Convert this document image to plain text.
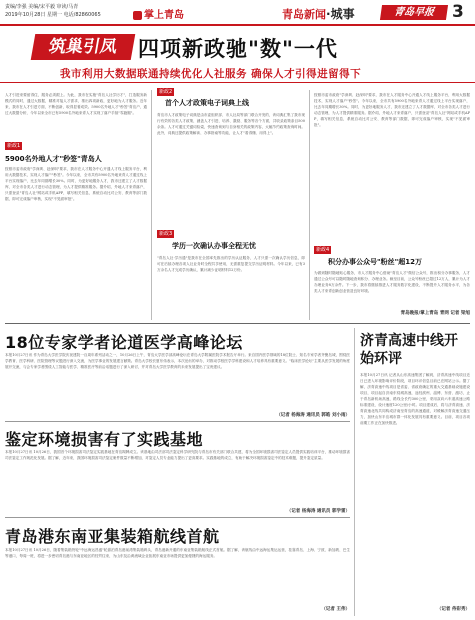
责编/李强 美编/宋平毅 审读/马青
2019年10月28日 星期一 电话/82860065	掌上青岛	青岛新闻·城事	青岛早报	3
筑巢引凤 四项新政驰"数"一代
我市利用大数据联通持续优化人社服务 确保人才引得进留得下
人才引进来要留得住，服务必须跟上。为此，我市在实施"青岛人社学历才"，打造服务新模式的同时，通过大数据，精准对接人才需求，推出四项新政，更好地为人才服务。近年来，我市在人才引进方面，不断创新，取得显著成效。5900名外地人才"秒签"青岛户，通过大数据分析，今年以来全市已有5900名外地来青人才实现了落户手续"零跑腿"。
新政1
5900名外地人才"秒签"青岛人
按照市委市政府"学深圳、赶深圳"要求，我市在人才服务中心开通人才线上服务平台，利用大数据技术，实现人才落户"秒签"。今年以来，全市共有5900名外地来青人才通过线上平台实现落户，比去年同期增长30%。同时，为更好地服务人才，我市还建立了人才数据库，对全市各类人才进行动态管理，为人才提供精准服务。据介绍，外地人才来青落户，只需登录"青岛人社"网站或手机APP，填写相关信息，系统自动比对公安、教育等部门数据，即可完成落户审核，实现"不见面审批"。
新政2
首个人才政策电子词典上线
青岛市人才政策电子词典是由市委组织部、市人社局等部门联合开发的，该词典汇集了我市现行有效的各类人才政策，涵盖人才引进、培养、激励、服务等各个方面，共收录政策条目500余条。人才可通过关键词检索，快速查询到与自身相关的政策内容，大幅节约政策查询时间。此外，词典还提供政策解读、办事指南等功能，让人才"看得懂、用得上"。
新政3
学历一次确认办事全程无忧
"青岛人社·学历通"是我市在全国率先推出的学历认证服务，人才只需一次确认学历信息，即可在后续办理各项人社业务时全程共享使用，无需重复提交学历证明材料。今年以来，已有3万余名人才完成学历确认，累计减少证明材料12万份。
按照市委市政府"学深圳、赶深圳"要求，我市在人才服务中心开通人才线上服务平台，利用大数据技术，实现人才落户"秒签"。今年以来，全市共有5900名外地来青人才通过线上平台实现落户，比去年同期增长30%。同时，为更好地服务人才，我市还建立了人才数据库，对全市各类人才进行动态管理，为人才提供精准服务。据介绍，外地人才来青落户，只需登录"青岛人社"网站或手机APP，填写相关信息，系统自动比对公安、教育等部门数据，即可完成落户审核，实现"不见面审批"。
新政4
积分办事公众号"粉丝"超12万
为做到随时随地贴心服务，市人才服务中心借助"青岛人才"微信公众号，推出积分办事服务，人才通过公众号可以随时随地查询积分、办理业务。截至目前，公众号粉丝已超过12万人，累计为人才办理业务8万余件。下一步，我市将继续推进人才服务数字化建设，不断提升人才服务水平，为各类人才来青创新创业营造良好环境。
青岛晚报/掌上青岛 青网 记者 梁旭
18位专家学者论道医学高峰论坛
本报10月27日讯 作为青岛大学医学院庆祝建院一百周年系列活动之一，10月26日上午，青岛大学医学部高峰论坛在青岛大学附属医院学术报告厅举行。来自国内医学领域的18位院士、知名专家学者齐聚岛城，围绕医学教育、医学科研、医院管理等议题进行深入交流，为医学事业的发展建言献策。青岛大学校长夏东伟表示，本次论坛的举办，对推动学校医学学科建设和人才培养具有重要意义。"临床医学论坛"主要从医学发展的角度展开交流，与会专家学者围绕人工智能与医学、精准医疗等前沿话题进行了深入研讨，并对青岛大学医学教育的未来发展提出了宝贵建议。
（记者 杨海涛 通讯员 郭皓 刘小雨）
鉴定环境损害有了实践基地
本报10月27日讯 10月26日，我国首个环境损害司法鉴定实践基地在青岛揭牌成立。该基地由司法部司法鉴定科学研究院与青岛市有关部门联合共建，将为全国环境损害司法鉴定人员提供实践培训平台，推动环境损害司法鉴定工作规范化发展。据了解，近年来，我国环境损害司法鉴定案件数量不断增加，对鉴定人员专业能力提出了更高要求。实践基地的成立，有助于解决环境损害鉴定中的技术难题，提升鉴定质量。
（记者 杨海涛 通讯员 郭学雷）
青岛港东南亚集装箱航线首航
本报10月27日讯 10月26日，随着集装箱货轮"中远海运昌盛"轮靠泊青岛港前湾集装箱码头，青岛港新开通的东南亚集装箱航线正式首航。据了解，该航线由中远海运集运运营，挂靠青岛、上海、宁波、新加坡、巴生等港口，每周一班，将进一步密切青岛港与东南亚地区的经贸往来，为山东及沿黄流域企业拓展东南亚市场提供更加便捷的海运服务。
（记者 王伟）
济青高速中线开始环评
本报10月27日讯 记者从山东高速集团了解到，济青高速中线项目近日已进入环境影响评价阶段，项目环评信息目前已在网站公示。据了解，济青高速中线项目是省委、省政府确定的重大交通基础设施建设项目，项目起自济南东绕城高速，途经滨州、淄博、东营、潍坊，止于青岛新机场高速，路线全长约300公里，采用双向六车道高速公路标准建设，设计速度120公里/小时。项目建成后，将与济青高速、济青高速北线共同构成济南至青岛的高速通道，对缓解济青高速交通压力，加快山东半岛城市群一体化发展具有重要意义。目前，项目各项前期工作正在加快推进。
（记者 侍彩秀）
